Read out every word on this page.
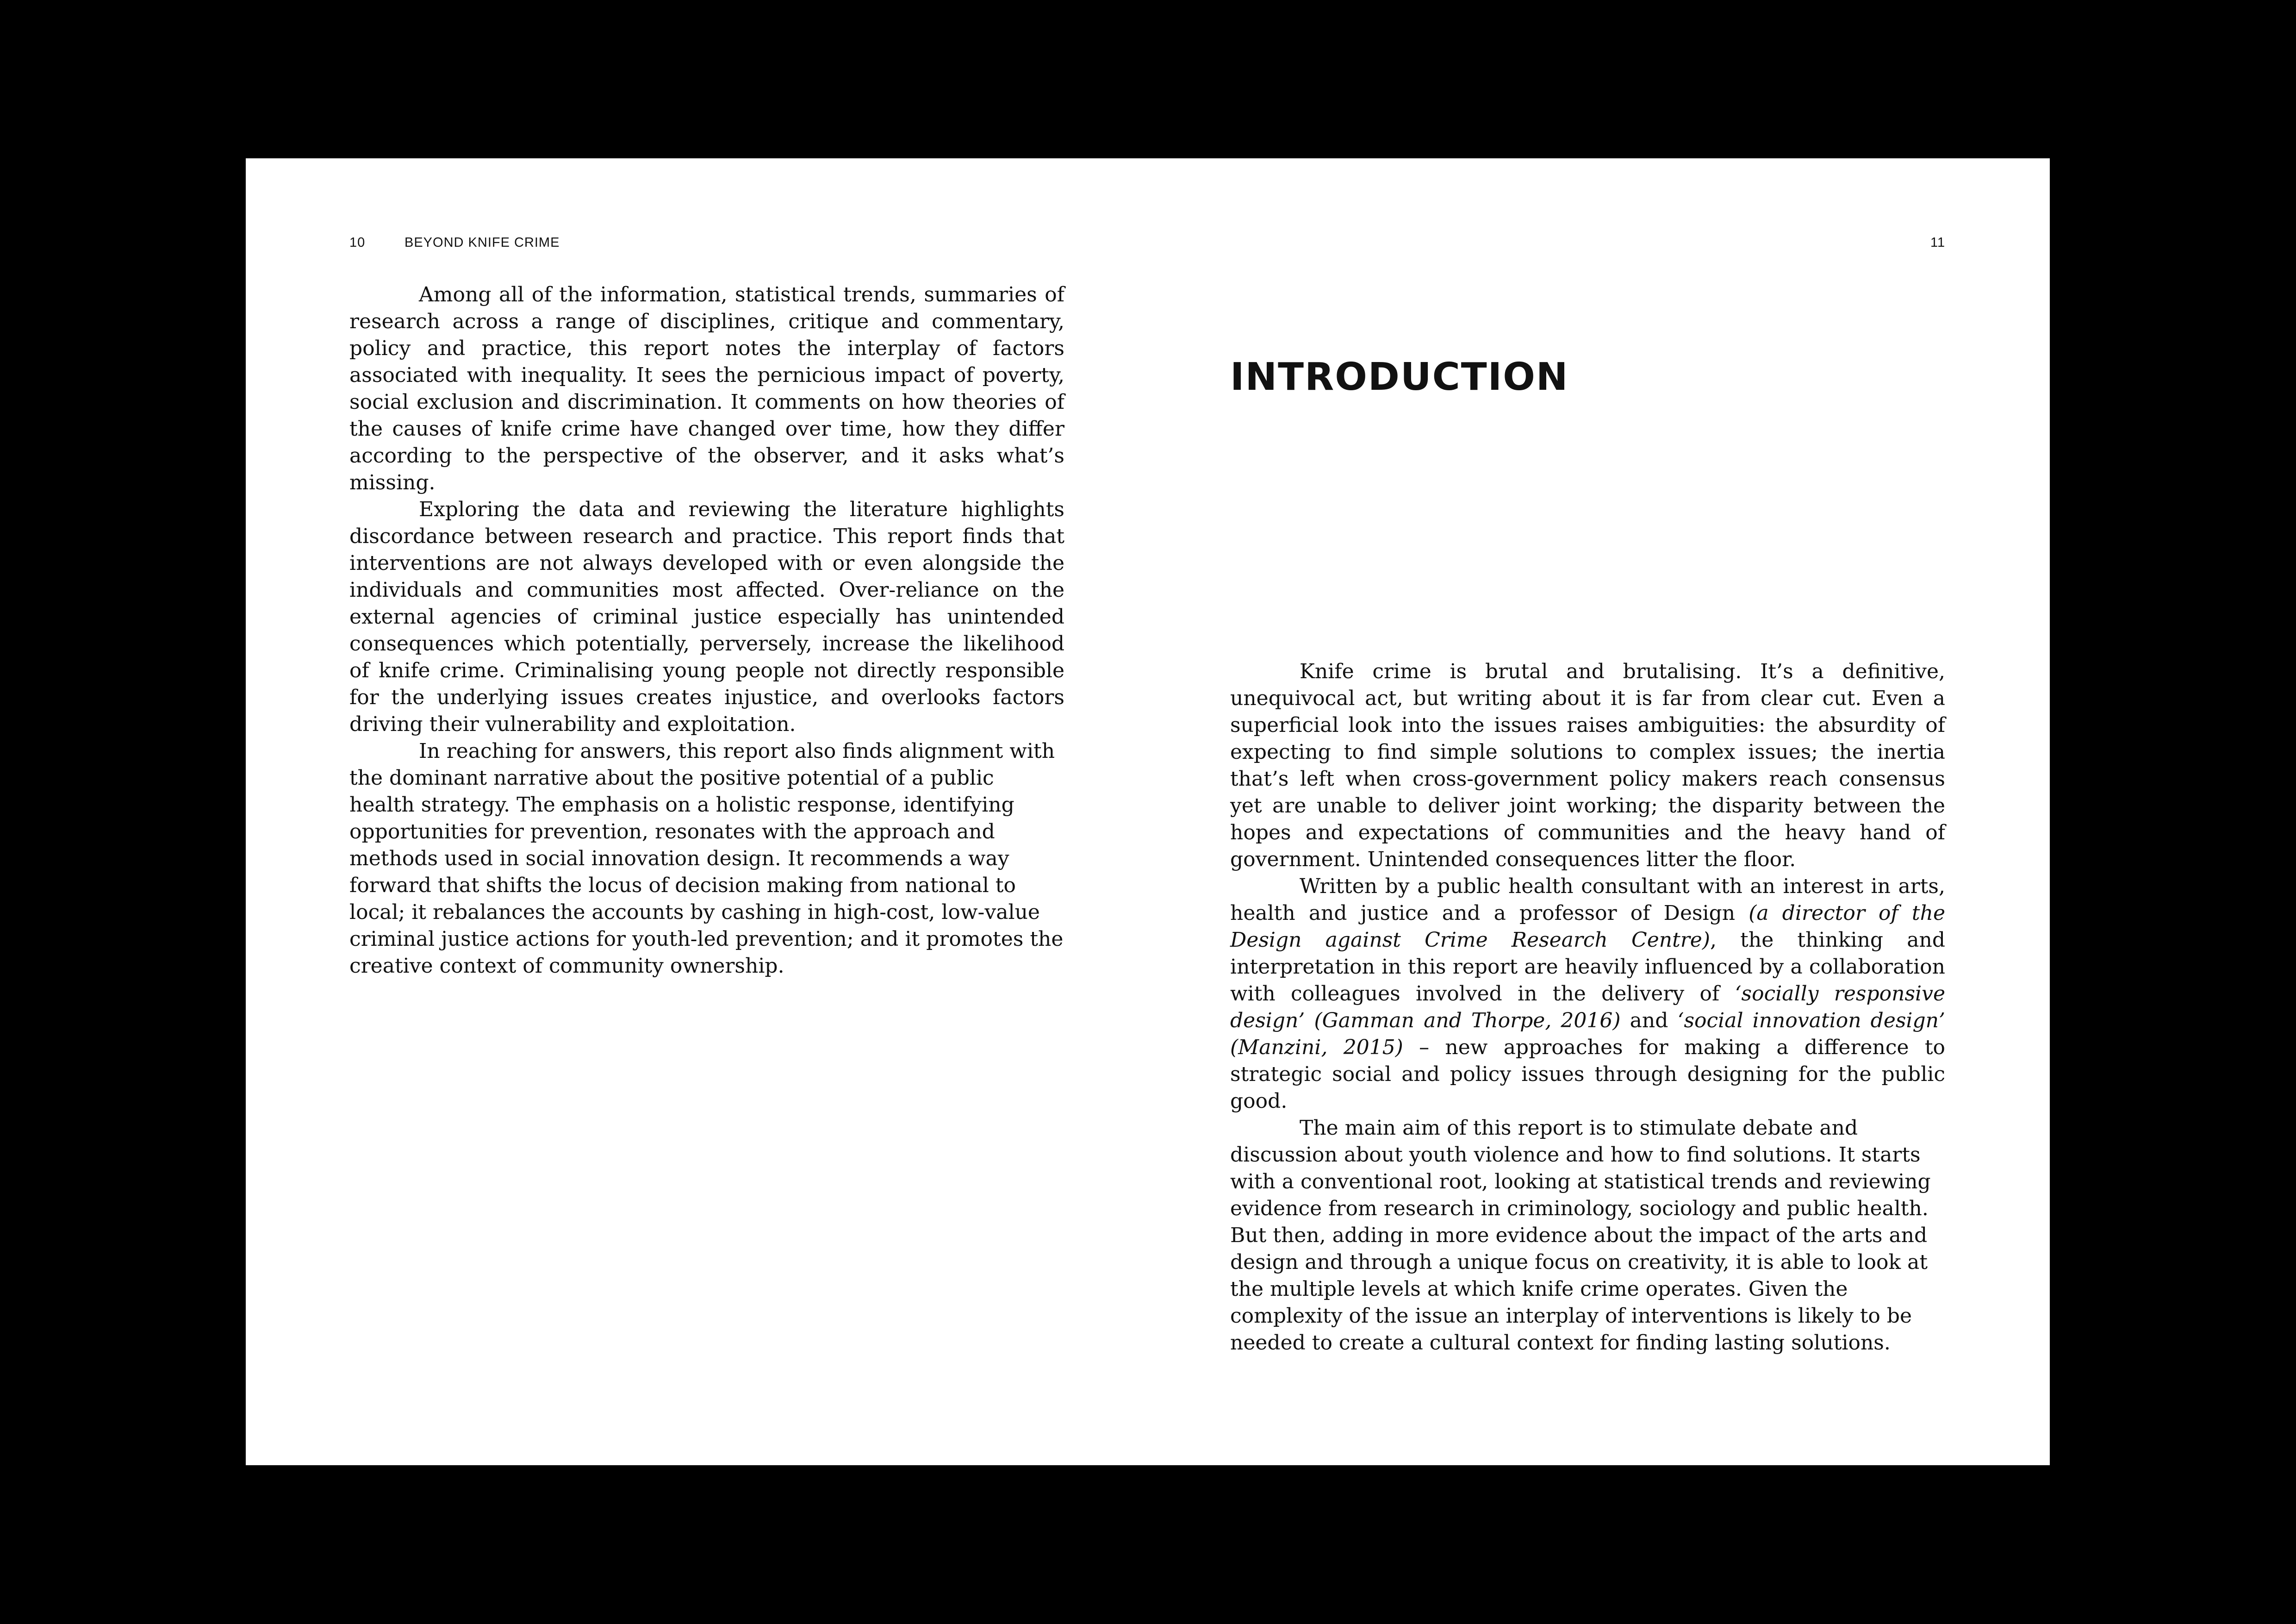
10	BEYOND KNIFE CRIME	11

Among all of the information, statistical trends, summaries of research across a range of disciplines, critique and commentary, policy and practice, this report notes the interplay of factors associated with inequality. It sees the pernicious impact of poverty, social exclusion and discrimination. It comments on how theories of the causes of knife crime have changed over time, how they differ according to the perspective of the observer, and it asks what’s missing.

Exploring the data and reviewing the literature highlights discordance between research and practice. This report finds that interventions are not always developed with or even alongside the individuals and communities most affected. Over-reliance on the external agencies of criminal justice especially has unintended consequences which potentially, perversely, increase the likelihood of knife crime. Criminalising young people not directly responsible for the underlying issues creates injustice, and overlooks factors driving their vulnerability and exploitation.

In reaching for answers, this report also finds alignment with the dominant narrative about the positive potential of a public health strategy. The emphasis on a holistic response, identifying opportunities for prevention, resonates with the approach and methods used in social innovation design. It recommends a way forward that shifts the locus of decision making from national to local; it rebalances the accounts by cashing in high-cost, low-value criminal justice actions for youth-led prevention; and it promotes the creative context of community ownership.

INTRODUCTION

Knife crime is brutal and brutalising. It’s a definitive, unequivocal act, but writing about it is far from clear cut. Even a superficial look into the issues raises ambiguities: the absurdity of expecting to find simple solutions to complex issues; the inertia that’s left when cross-government policy makers reach consensus yet are unable to deliver joint working; the disparity between the hopes and expectations of communities and the heavy hand of government. Unintended consequences litter the floor.

Written by a public health consultant with an interest in arts, health and justice and a professor of Design (a director of the Design against Crime Research Centre), the thinking and interpretation in this report are heavily influenced by a collaboration with colleagues involved in the delivery of ‘socially responsive design’ (Gamman and Thorpe, 2016) and ‘social innovation design’ (Manzini, 2015) – new approaches for making a difference to strategic social and policy issues through designing for the public good.

The main aim of this report is to stimulate debate and discussion about youth violence and how to find solutions. It starts with a conventional root, looking at statistical trends and reviewing evidence from research in criminology, sociology and public health. But then, adding in more evidence about the impact of the arts and design and through a unique focus on creativity, it is able to look at the multiple levels at which knife crime operates. Given the complexity of the issue an interplay of interventions is likely to be needed to create a cultural context for finding lasting solutions.
